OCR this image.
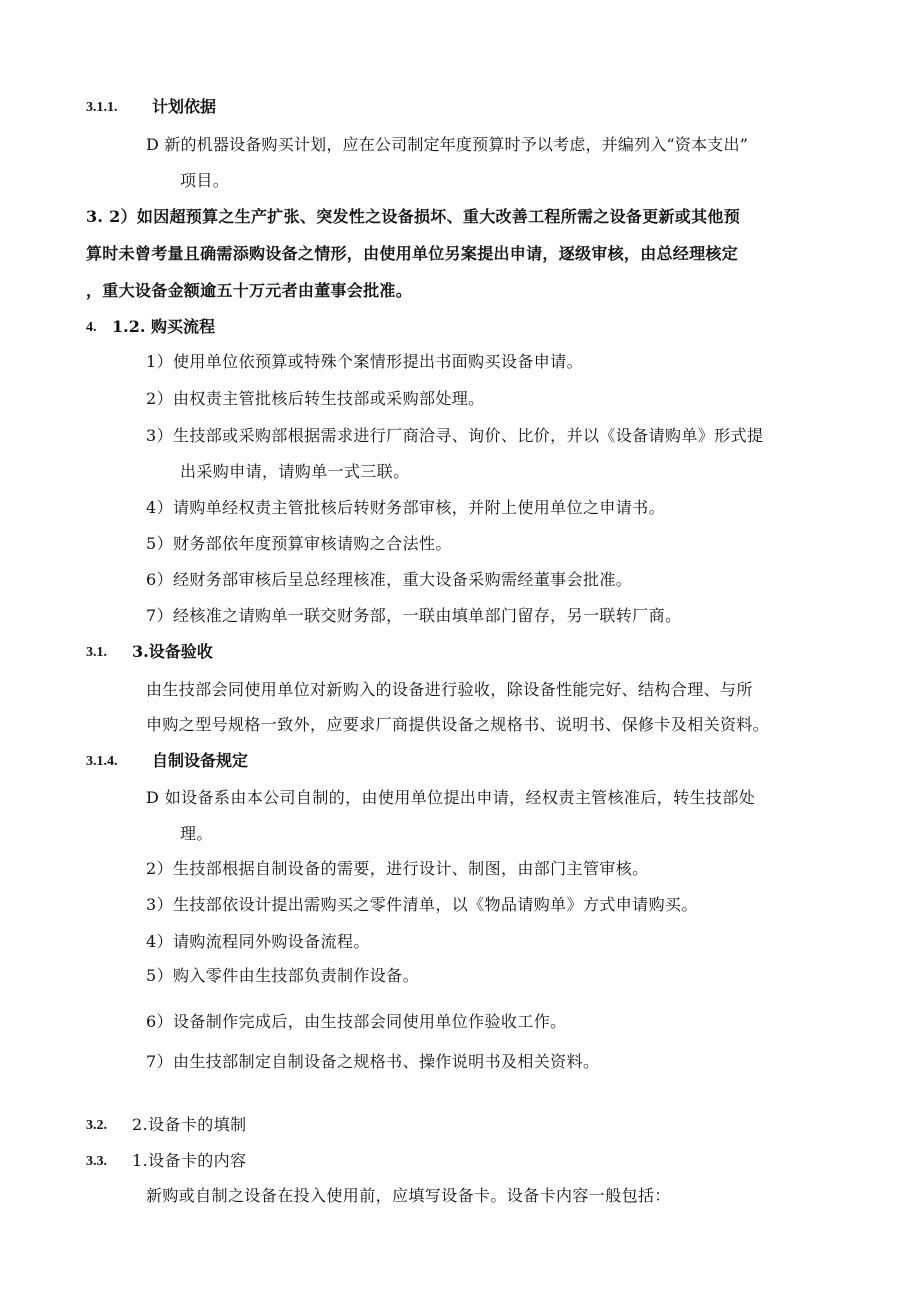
3.1.1. 计划依据
D 新的机器设备购买计划，应在公司制定年度预算时予以考虑，并编列入“资本支出”
项目。
3. 2）如因超预算之生产扩张、突发性之设备损坏、重大改善工程所需之设备更新或其他预
算时未曾考量且确需添购设备之情形，由使用单位另案提出申请，逐级审核，由总经理核定
，重大设备金额逾五十万元者由董事会批准。
4. 1.2. 购买流程
1）使用单位依预算或特殊个案情形提出书面购买设备申请。
2）由权责主管批核后转生技部或采购部处理。
3）生技部或采购部根据需求进行厂商洽寻、询价、比价，并以《设备请购单》形式提
出采购申请，请购单一式三联。
4）请购单经权责主管批核后转财务部审核，并附上使用单位之申请书。
5）财务部依年度预算审核请购之合法性。
6）经财务部审核后呈总经理核准，重大设备采购需经董事会批准。
7）经核准之请购单一联交财务部，一联由填单部门留存，另一联转厂商。
3.1. 3.设备验收
由生技部会同使用单位对新购入的设备进行验收，除设备性能完好、结构合理、与所
申购之型号规格一致外，应要求厂商提供设备之规格书、说明书、保修卡及相关资料。
3.1.4. 自制设备规定
D 如设备系由本公司自制的，由使用单位提出申请，经权责主管核准后，转生技部处
理。
2）生技部根据自制设备的需要，进行设计、制图，由部门主管审核。
3）生技部依设计提出需购买之零件清单，以《物品请购单》方式申请购买。
4）请购流程同外购设备流程。
5）购入零件由生技部负责制作设备。
6）设备制作完成后，由生技部会同使用单位作验收工作。
7）由生技部制定自制设备之规格书、操作说明书及相关资料。
3.2. 2.设备卡的填制
3.3. 1.设备卡的内容
新购或自制之设备在投入使用前，应填写设备卡。设备卡内容一般包括：
